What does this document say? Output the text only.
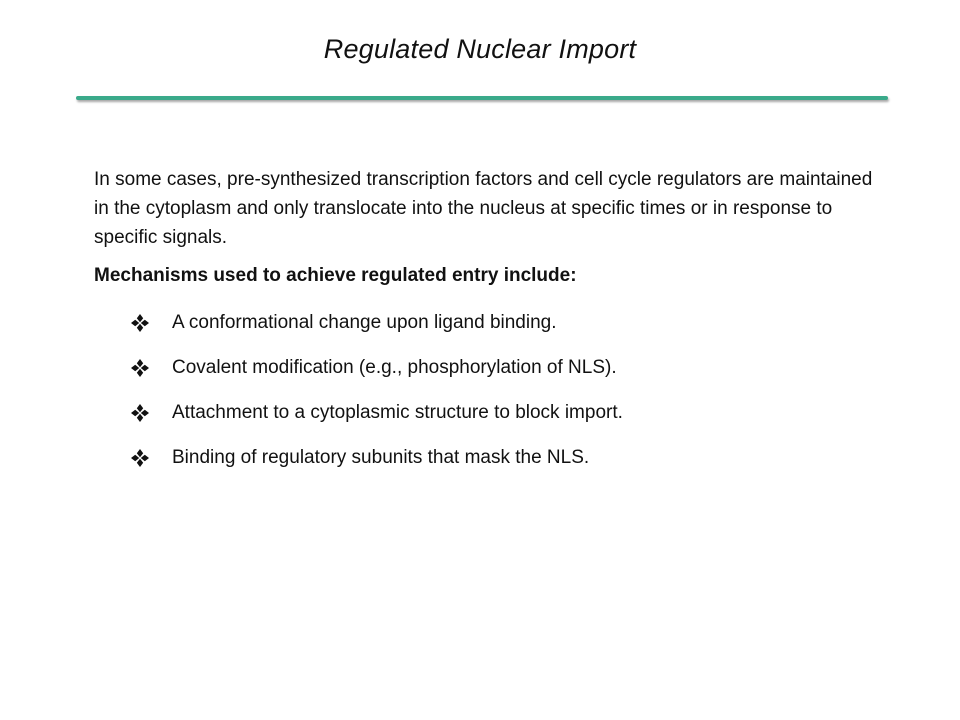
Regulated Nuclear Import

In some cases, pre-synthesized transcription factors and cell cycle regulators are maintained in the cytoplasm and only translocate into the nucleus at specific times or in response to specific signals.

Mechanisms used to achieve regulated entry include:

A conformational change upon ligand binding.
Covalent modification (e.g., phosphorylation of NLS).
Attachment to a cytoplasmic structure to block import.
Binding of regulatory subunits that mask the NLS.
